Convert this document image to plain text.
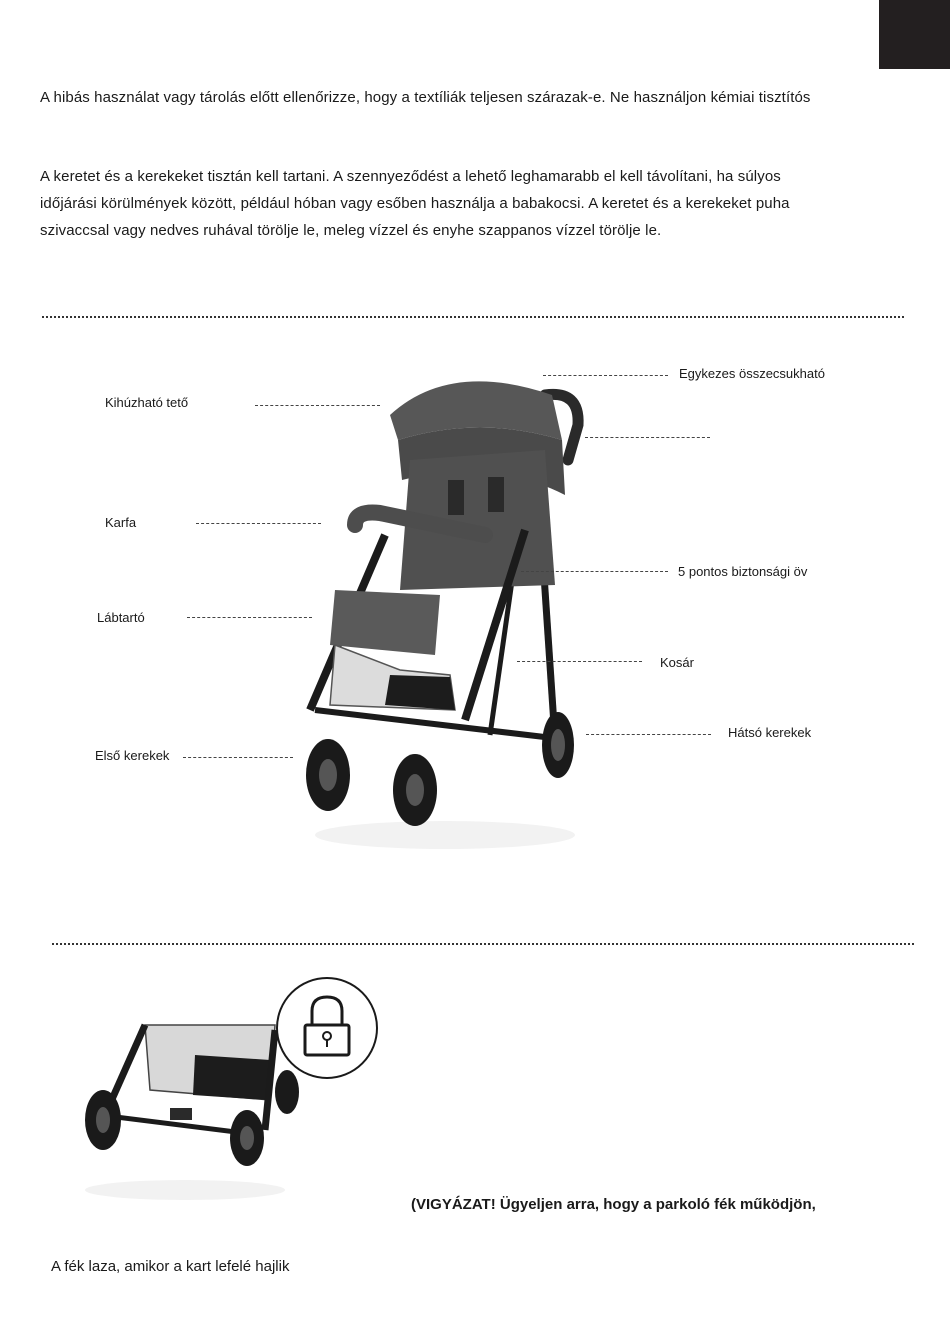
A hibás használat vagy tárolás előtt ellenőrizze, hogy a textíliák teljesen szárazak-e. Ne használjon kémiai tisztítós

A keretet és a kerekeket tisztán kell tartani. A szennyeződést a lehető leghamarabb el kell távolítani, ha súlyos

időjárási körülmények között, például hóban vagy esőben használja a babakocsi. A keretet és a kerekeket puha

szivaccsal vagy nedves ruhával törölje le, meleg vízzel és enyhe szappanos vízzel törölje le.

Egykezes összecsukható
Kihúzható tető
Karfa
5 pontos biztonsági öv
Lábtartó
Kosár
Hátsó kerekek
Első kerekek
(VIGYÁZAT! Ügyeljen arra, hogy a parkoló fék működjön,
A fék laza, amikor a kart lefelé hajlik
